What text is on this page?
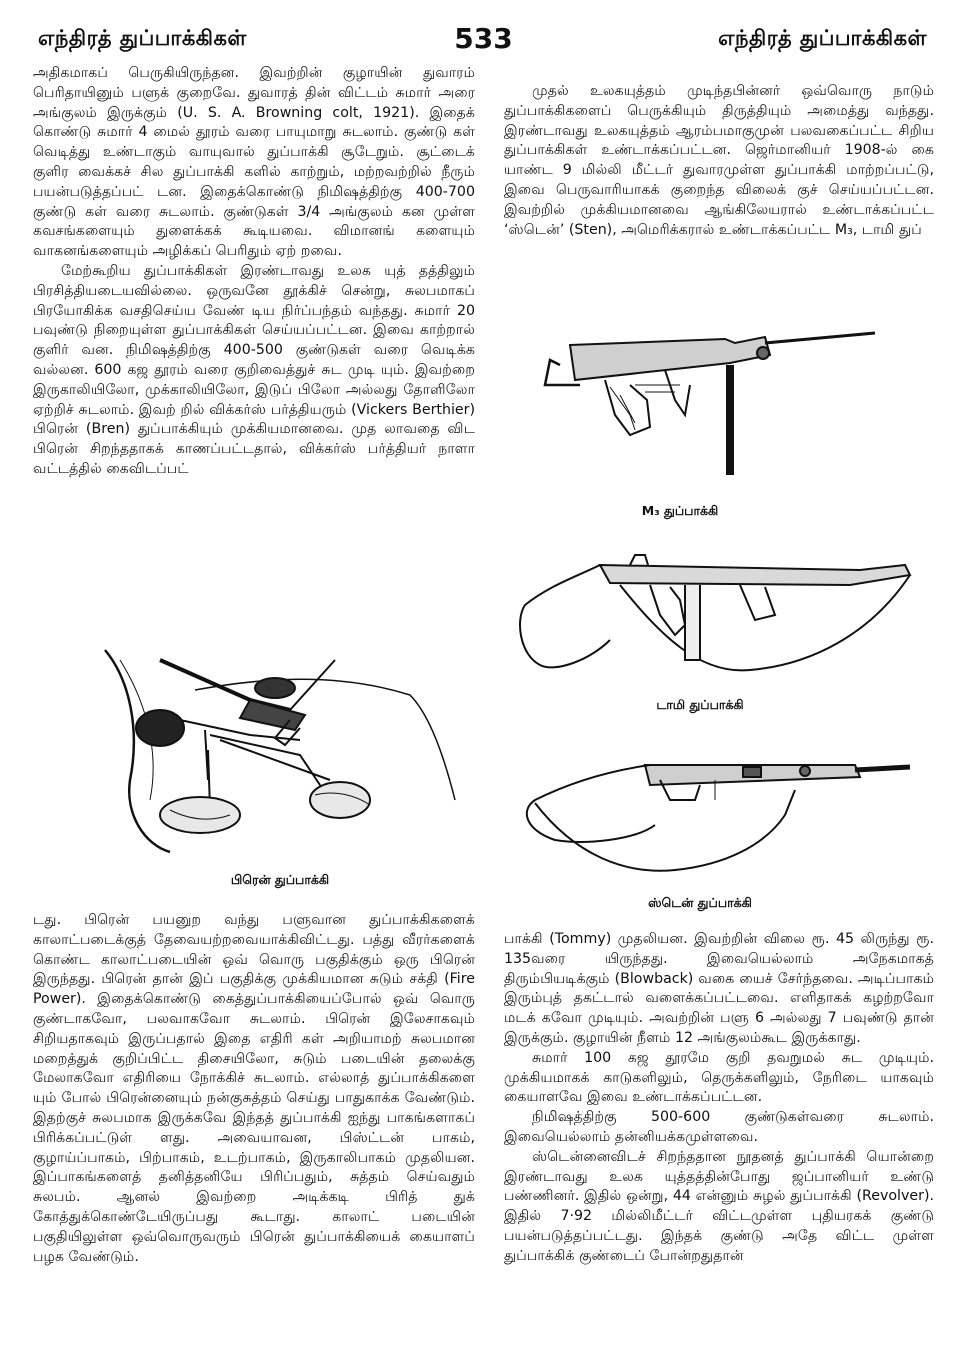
எந்திரத் துப்பாக்கிகள்	533	எந்திரத் துப்பாக்கிகள்

அதிகமாகப் பெருகியிருந்தன. இவற்றின் குழாயின் துவாரம் பெரிதாயினும் பளுக் குறைவே. துவாரத் தின் விட்டம் சுமார் அரை அங்குலம் இருக்கும் (U. S. A. Browning colt, 1921). இதைக் கொண்டு சுமார் 4 மைல் தூரம் வரை பாயுமாறு சுடலாம். குண்டு கள் வெடித்து உண்டாகும் வாயுவால் துப்பாக்கி சூடேறும். சூட்டைக் குளிர வைக்கச் சில துப்பாக்கி களில் காற்றும், மற்றவற்றில் நீரும் பயன்படுத்தப்பட் டன. இதைக்கொண்டு நிமிஷத்திற்கு 400-700 குண்டு கள் வரை சுடலாம். குண்டுகள் 3/4 அங்குலம் கன முள்ள கவசங்களையும் துளைக்கக் கூடியவை. விமானங் களையும் வாகனங்களையும் அழிக்கப் பெரிதும் ஏற் றவை.

மேற்கூறிய துப்பாக்கிகள் இரண்டாவது உலக யுத் தத்திலும் பிரசித்தியடையவில்லை. ஒருவனே தூக்கிச் சென்று, சுலபமாகப் பிரயோகிக்க வசதிசெய்ய வேண் டிய நிர்ப்பந்தம் வந்தது. சுமார் 20 பவுண்டு நிறையுள்ள துப்பாக்கிகள் செய்யப்பட்டன. இவை காற்றால் குளிர் வன. நிமிஷத்திற்கு 400-500 குண்டுகள் வரை வெடிக்க வல்லன. 600 கஜ தூரம் வரை குறிவைத்துச் சுட முடி யும். இவற்றை இருகாலியிலோ, முக்காலியிலோ, இடுப் பிலோ அல்லது தோளிலோ ஏற்றிச் சுடலாம். இவற் றில் விக்கர்ஸ் பர்த்தியரும் (Vickers Berthier) பிரென் (Bren) துப்பாக்கியும் முக்கியமானவை. முத லாவதை விட பிரென் சிறந்ததாகக் காணப்பட்டதால், விக்கர்ஸ் பர்த்தியர் நாளா வட்டத்தில் கைவிடப்பட்

முதல் உலகயுத்தம் முடிந்தபின்னர் ஒவ்வொரு நாடும் துப்பாக்கிகளைப் பெருக்கியும் திருத்தியும் அமைத்து வந்தது. இரண்டாவது உலகயுத்தம் ஆரம்பமாகுமுன் பலவகைப்பட்ட சிறிய துப்பாக்கிகள் உண்டாக்கப்பட்டன. ஜெர்மானியர் 1908-ல் கை யாண்ட 9 மில்லி மீட்டர் துவாரமுள்ள துப்பாக்கி மாற்றப்பட்டு, இவை பெருவாரியாகக் குறைந்த விலைக் குச் செய்யப்பட்டன. இவற்றில் முக்கியமானவை ஆங்கிலேயரால் உண்டாக்கப்பட்ட ‘ஸ்டென்’ (Sten), அமெரிக்கரால் உண்டாக்கப்பட்ட M₃, டாமி துப்

பிரென் துப்பாக்கி
M₃ துப்பாக்கி
டாமி துப்பாக்கி
ஸ்டென் துப்பாக்கி

டது. பிரென் பயனுற வந்து பளுவான துப்பாக்கிகளைக் காலாட்படைக்குத் தேவையற்றவையாக்கிவிட்டது. பத்து வீரர்களைக் கொண்ட காலாட்படையின் ஒவ் வொரு பகுதிக்கும் ஒரு பிரென் இருந்தது. பிரென் தான் இப் பகுதிக்கு முக்கியமான சுடும் சக்தி (Fire Power). இதைக்கொண்டு கைத்துப்பாக்கியைப்போல் ஒவ் வொரு குண்டாகவோ, பலவாகவோ சுடலாம். பிரென் இலேசாகவும் சிறியதாகவும் இருப்பதால் இதை எதிரி கள் அறியாமற் சுலபமான மறைத்துக் குறிப்பிட்ட திசையிலோ, சுடும் படையின் தலைக்கு மேலாகவோ எதிரியை நோக்கிச் சுடலாம். எல்லாத் துப்பாக்கிகளை யும் போல் பிரென்னையும் நன்குசுத்தம் செய்து பாதுகாக்க வேண்டும். இதற்குச் சுலபமாக இருக்கவே இந்தத் துப்பாக்கி ஐந்து பாகங்களாகப் பிரிக்கப்பட்டுள் ளது. அவையாவன, பிஸ்ட்டன் பாகம், குழாய்ப்பாகம், பிற்பாகம், உடற்பாகம், இருகாலிபாகம் முதலியன. இப்பாகங்களைத் தனித்தனியே பிரிப்பதும், சுத்தம் செய்வதும் சுலபம். ஆனல் இவற்றை அடிக்கடி பிரித் துக் கோத்துக்கொண்டேயிருப்பது கூடாது. காலாட் படையின் பகுதியிலுள்ள ஒவ்வொருவரும் பிரென் துப்பாக்கியைக் கையாளப் பழக வேண்டும்.

பாக்கி (Tommy) முதலியன. இவற்றின் விலை ரூ. 45 லிருந்து ரூ. 135வரை யிருந்தது. இவையெல்லாம் அநேகமாகத் திரும்பியடிக்கும் (Blowback) வகை யைச் சேர்ந்தவை. அடிப்பாகம் இரும்புத் தகட்டால் வளைக்கப்பட்டவை. எளிதாகக் கழற்றவோ மடக் கவோ முடியும். அவற்றின் பளு 6 அல்லது 7 பவுண்டு தான் இருக்கும். குழாயின் நீளம் 12 அங்குலம்கூட இருக்காது.

சுமார் 100 கஜ தூரமே குறி தவறுமல் சுட முடியும். முக்கியமாகக் காடுகளிலும், தெருக்களிலும், நேரிடை யாகவும் கையாளவே இவை உண்டாக்கப்பட்டன.

நிமிஷத்திற்கு 500-600 குண்டுகள்வரை சுடலாம். இவையெல்லாம் தன்னியக்கமுள்ளவை.

ஸ்டென்னைவிடச் சிறந்ததான நூதனத் துப்பாக்கி யொன்றை இரண்டாவது உலக யுத்தத்தின்போது ஜப்பானியர் உண்டு பண்ணினர். இதில் ஒன்று, 44 என்னும் சுழல் துப்பாக்கி (Revolver). இதில் 7·92 மில்லிமீட்டர் விட்டமுள்ள புதியரகக் குண்டு பயன்படுத்தப்பட்டது. இந்தக் குண்டு அதே விட்ட முள்ள துப்பாக்கிக் குண்டைப் போன்றதுதான்
